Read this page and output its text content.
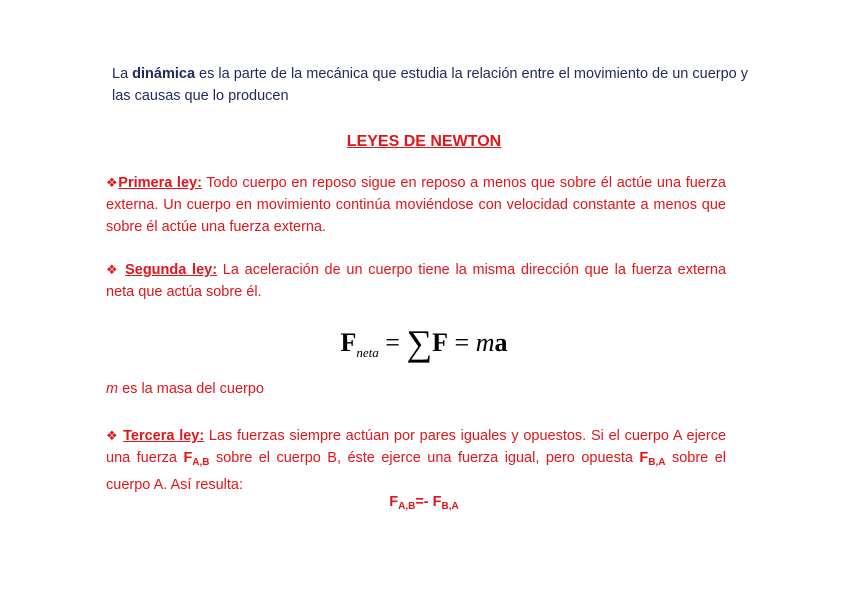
La dinámica es la parte de la mecánica que estudia la relación entre el movimiento de un cuerpo y las causas que lo producen
LEYES DE NEWTON
❖Primera ley: Todo cuerpo en reposo sigue en reposo a menos que sobre él actúe una fuerza externa. Un cuerpo en movimiento continúa moviéndose con velocidad constante a menos que sobre él actúe una fuerza externa.
❖ Segunda ley: La aceleración de un cuerpo tiene la misma dirección que la fuerza externa neta que actúa sobre él.
$F_{neta} = \sum F$ = ma
m es la masa del cuerpo
❖ Tercera ley: Las fuerzas siempre actúan por pares iguales y opuestos. Si el cuerpo A ejerce una fuerza $F_{A,B}$ sobre el cuerpo B, éste ejerce una fuerza igual, pero opuesta $F_{B,A}$ sobre el cuerpo A. Así resulta:
$F_{A,B}=-$ $F_{B,A}$
